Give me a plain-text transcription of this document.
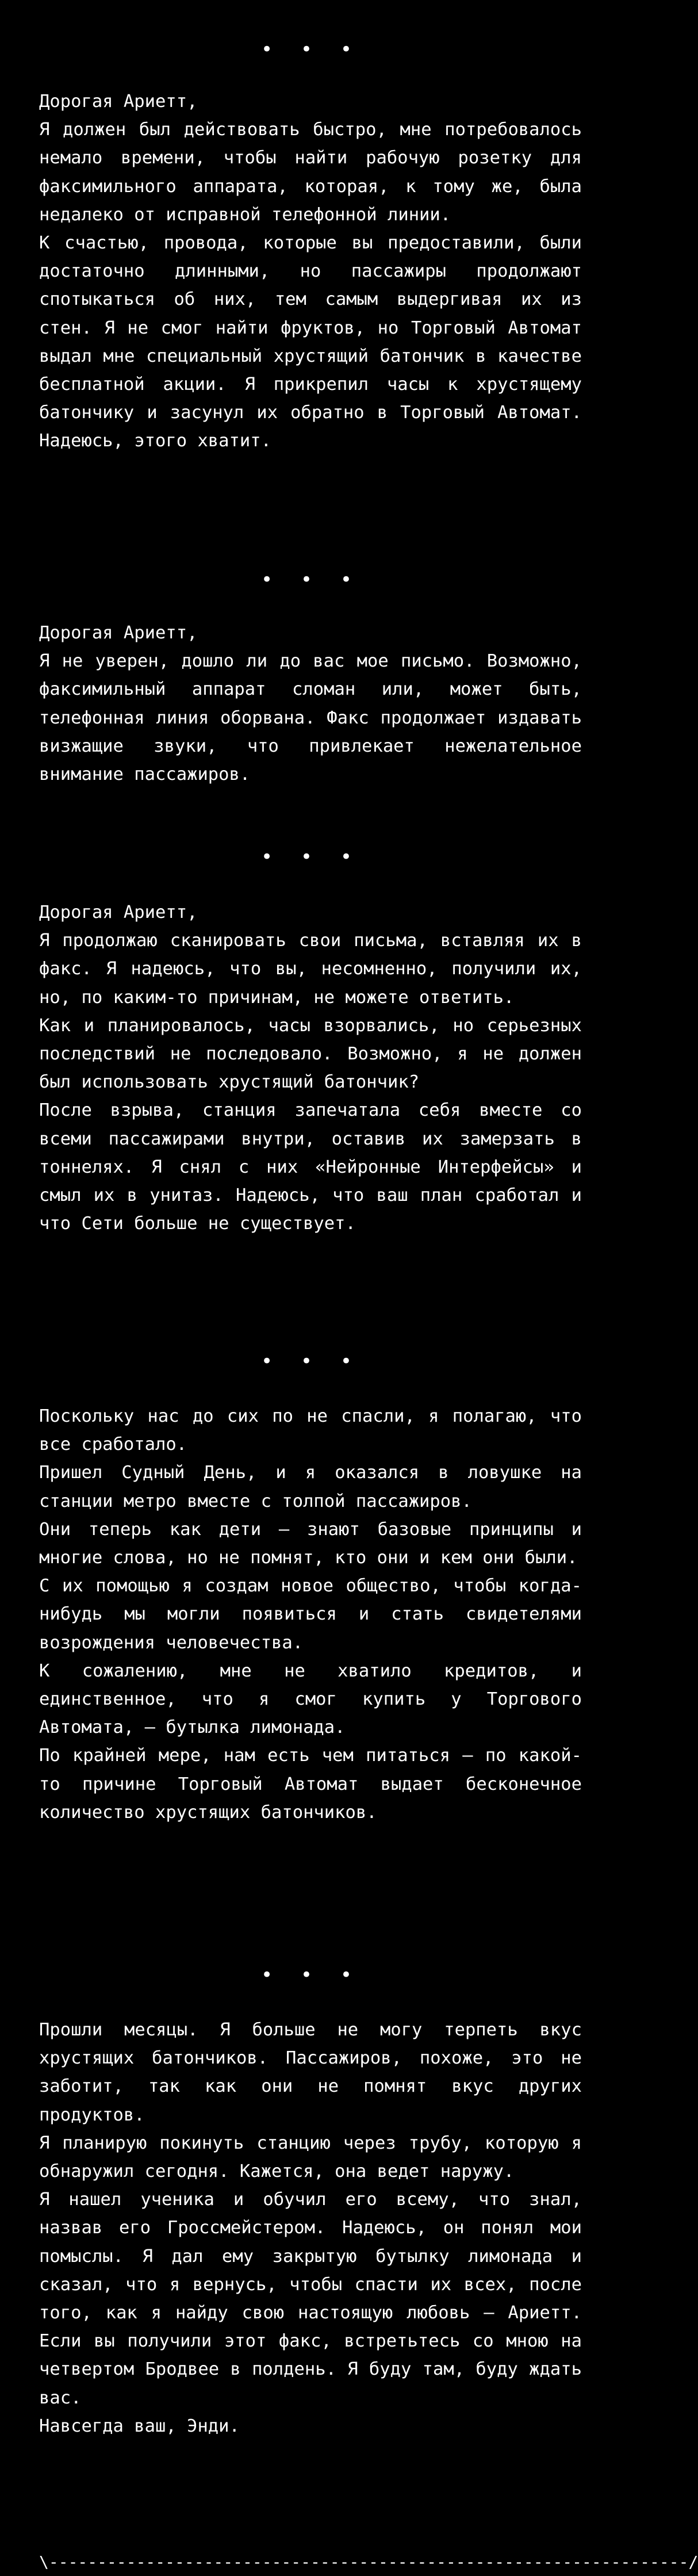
• • •

Дорогая Ариетт,

Я должен был действовать быстро, мне потребовалось немало времени, чтобы найти рабочую розетку для факсимильного аппарата, которая, к тому же, была недалеко от исправной телефонной линии.

К счастью, провода, которые вы предоставили, были достаточно длинными, но пассажиры продолжают спотыкаться об них, тем самым выдергивая их из стен. Я не смог найти фруктов, но Торговый Автомат выдал мне специальный хрустящий батончик в качестве бесплатной акции. Я прикрепил часы к хрустящему батончику и засунул их обратно в Торговый Автомат. Надеюсь, этого хватит.

• • •

Дорогая Ариетт,

Я не уверен, дошло ли до вас мое письмо. Возможно, факсимильный аппарат сломан или, может быть, телефонная линия оборвана. Факс продолжает издавать визжащие звуки, что привлекает нежелательное внимание пассажиров.

• • •

Дорогая Ариетт,

Я продолжаю сканировать свои письма, вставляя их в факс. Я надеюсь, что вы, несомненно, получили их, но, по каким-то причинам, не можете ответить.

Как и планировалось, часы взорвались, но серьезных последствий не последовало. Возможно, я не должен был использовать хрустящий батончик?

После взрыва, станция запечатала себя вместе со всеми пассажирами внутри, оставив их замерзать в тоннелях. Я снял с них «Нейронные Интерфейсы» и смыл их в унитаз. Надеюсь, что ваш план сработал и что Сети больше не существует.

• • •

Поскольку нас до сих по не спасли, я полагаю, что все сработало.

Пришел Судный День, и я оказался в ловушке на станции метро вместе с толпой пассажиров.

Они теперь как дети – знают базовые принципы и многие слова, но не помнят, кто они и кем они были.

С их помощью я создам новое общество, чтобы когда-нибудь мы могли появиться и стать свидетелями возрождения человечества.

К сожалению, мне не хватило кредитов, и единственное, что я смог купить у Торгового Автомата, – бутылка лимонада.

По крайней мере, нам есть чем питаться – по какой-то причине Торговый Автомат выдает бесконечное количество хрустящих батончиков.

• • •

Прошли месяцы. Я больше не могу терпеть вкус хрустящих батончиков. Пассажиров, похоже, это не заботит, так как они не помнят вкус других продуктов.

Я планирую покинуть станцию через трубу, которую я обнаружил сегодня. Кажется, она ведет наружу.

Я нашел ученика и обучил его всему, что знал, назвав его Гроссмейстером. Надеюсь, он понял мои помыслы. Я дал ему закрытую бутылку лимонада и сказал, что я вернусь, чтобы спасти их всех, после того, как я найду свою настоящую любовь – Ариетт. Если вы получили этот факс, встретьтесь со мною на четвертом Бродвее в полдень. Я буду там, буду ждать вас.

Навсегда ваш, Энди.

\------------------------------------------------------------------/
